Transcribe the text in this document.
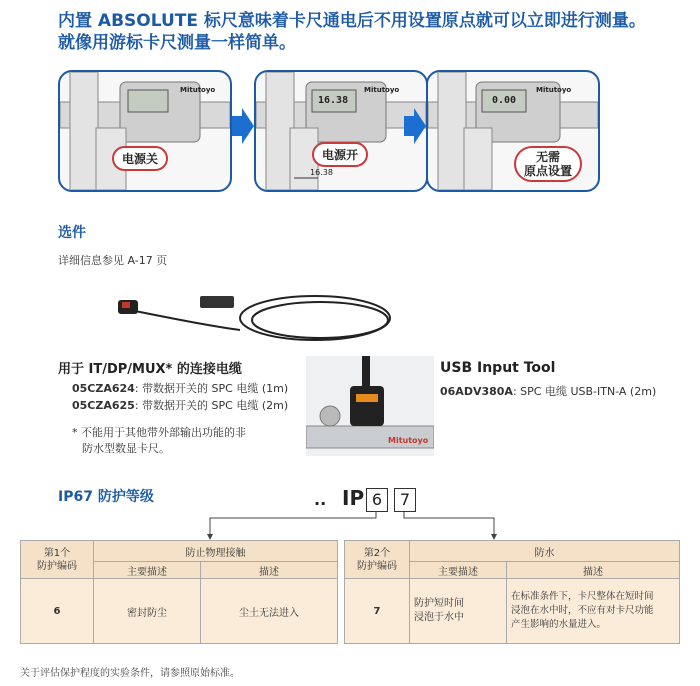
内置 ABSOLUTE 标尺意味着卡尺通电后不用设置原点就可以立即进行测量。
就像用游标卡尺测量一样简单。
Mitutoyo
电源关
16.38
Mitutoyo
16.38
电源开
0.00
Mitutoyo
无需
原点设置
选件
详细信息参见 A-17 页
用于 IT/DP/MUX* 的连接电缆
05CZA624: 带数据开关的 SPC 电缆 (1m)
05CZA625: 带数据开关的 SPC 电缆 (2m)
* 不能用于其他带外部输出功能的非
防水型数显卡尺。
Mitutoyo
USB Input Tool
06ADV380A: SPC 电缆 USB-ITN-A (2m)
IP67 防护等级	.. IP 6	7
第1个
防护编码	防止物理接触	
	主要描述	描述
6	密封防尘	尘土无法进入
第2个
防护编码	防水	
	主要描述	描述
7	防护短时间
浸泡于水中	在标准条件下，卡尺整体在短时间
浸泡在水中时，不应有对卡尺功能
产生影响的水量进入。
关于评估保护程度的实验条件，请参照原始标准。
